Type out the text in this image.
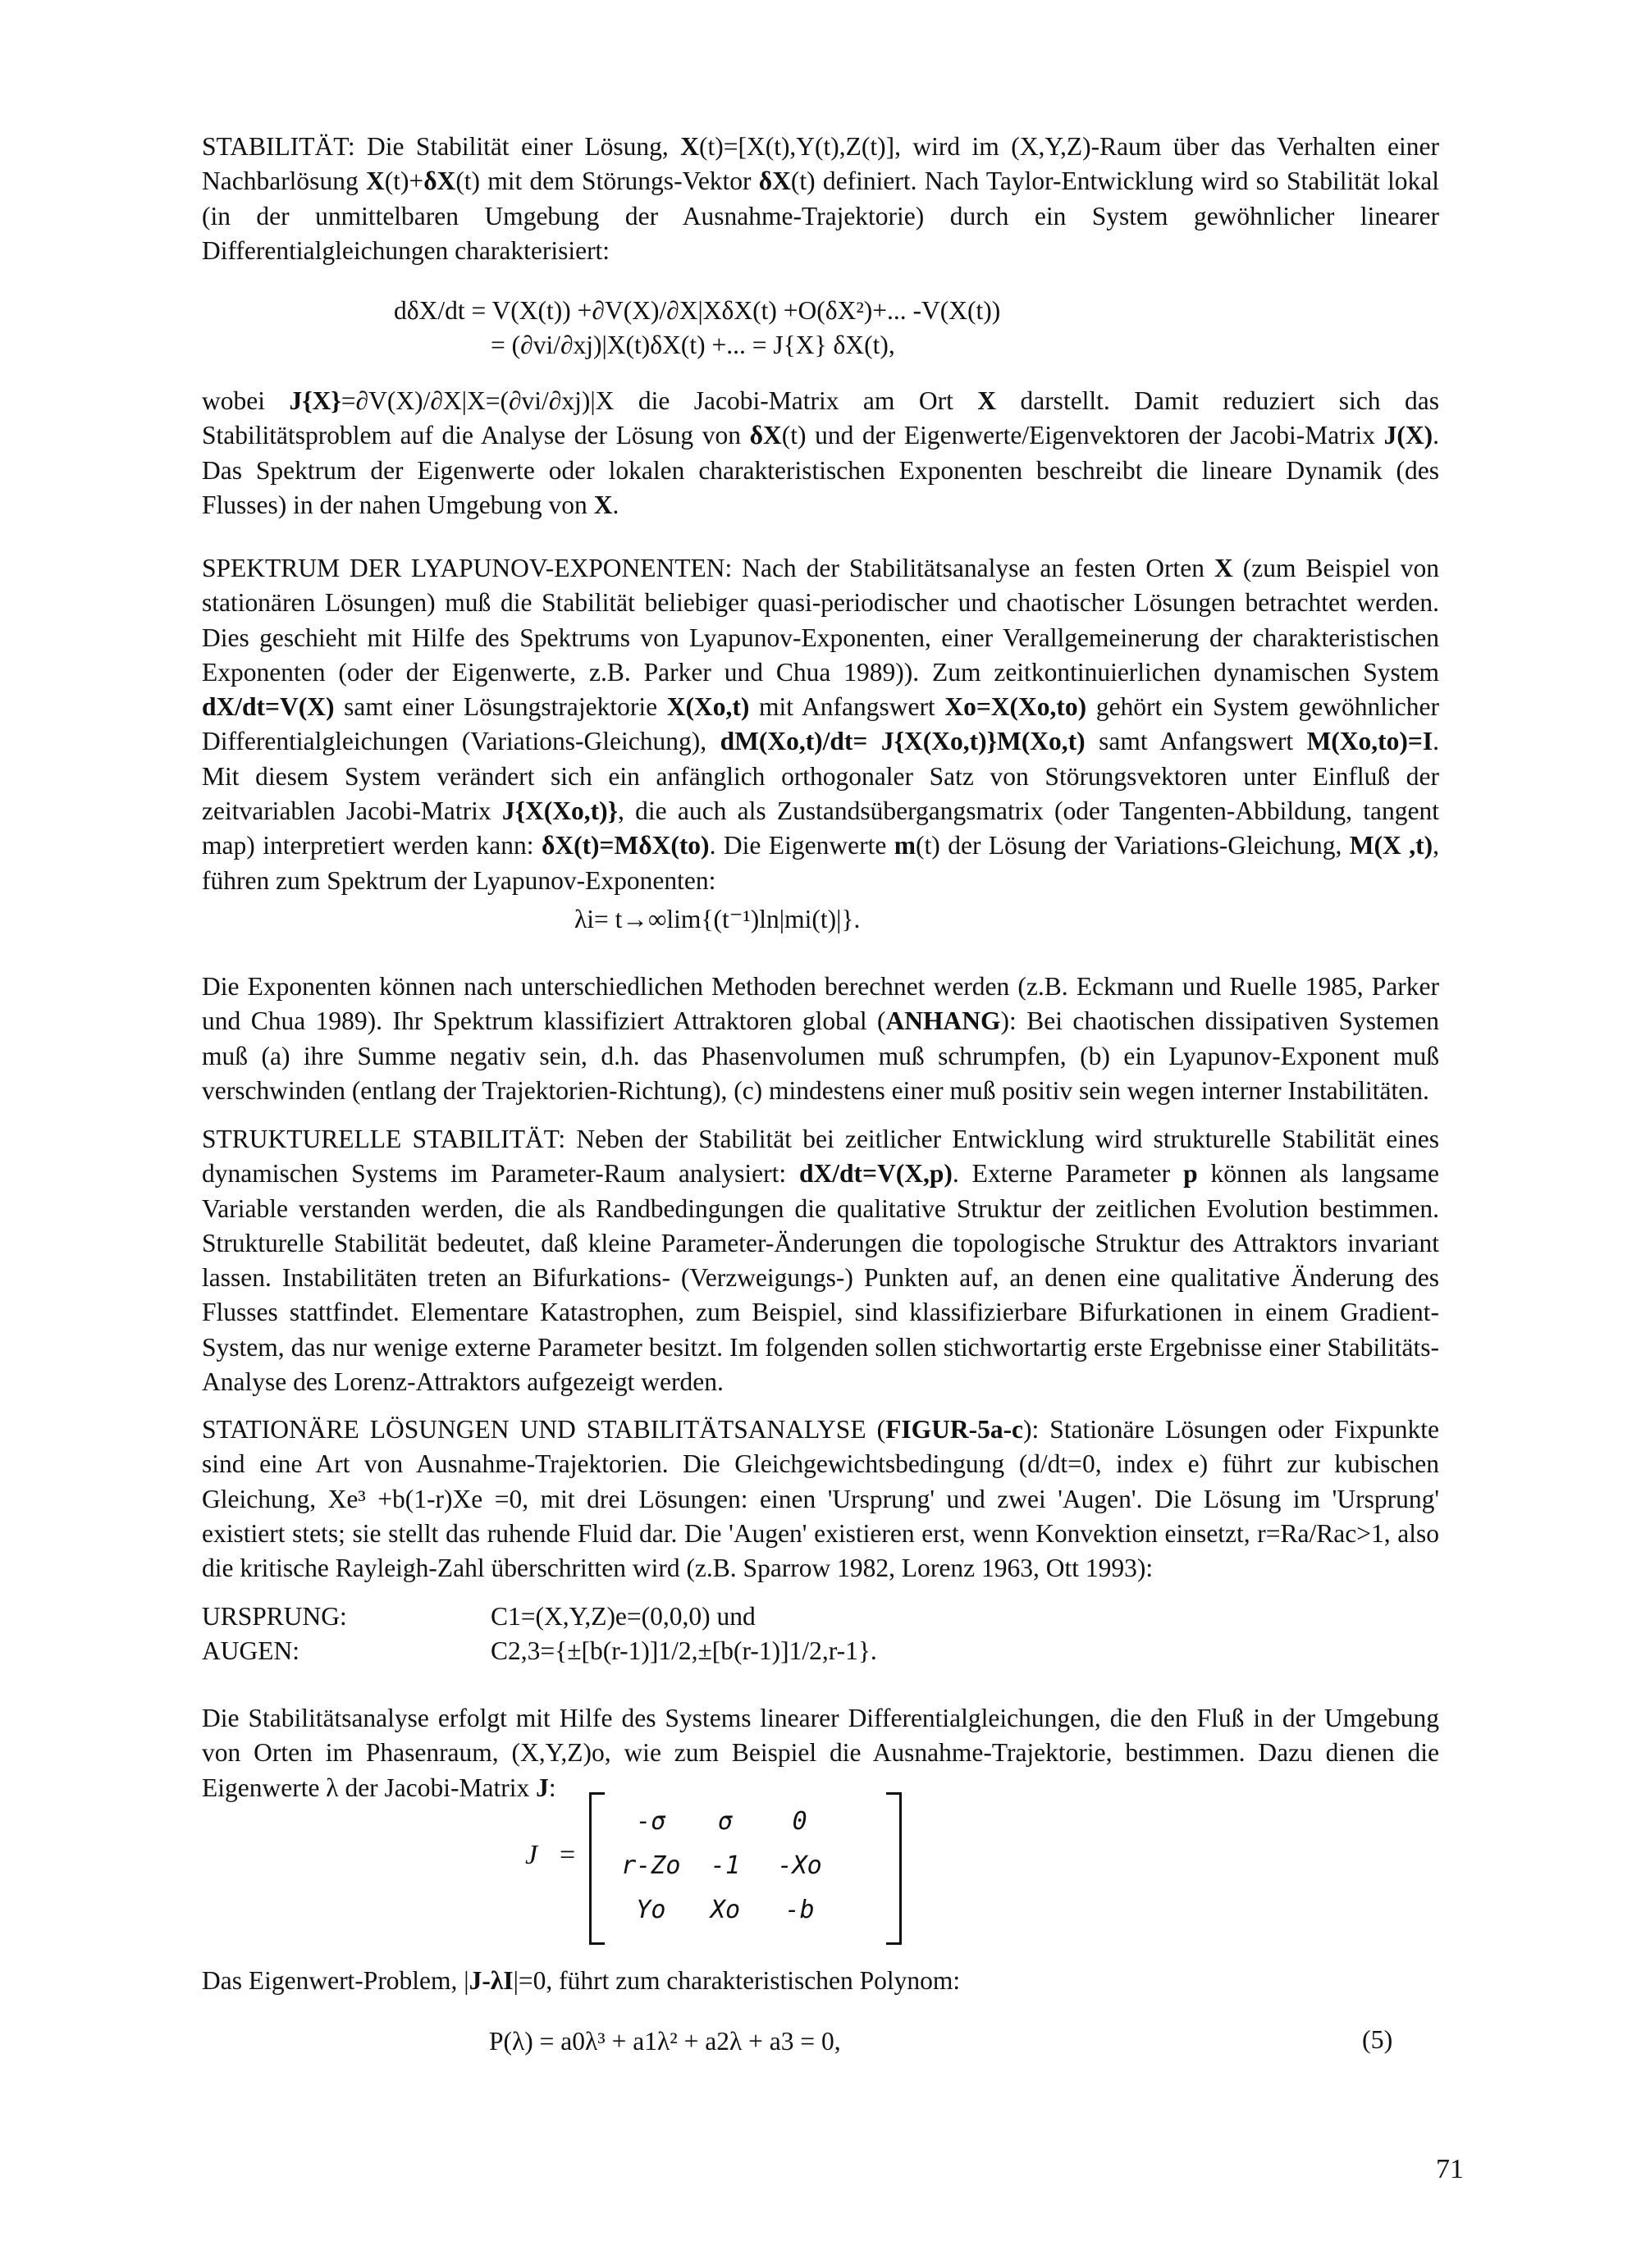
STABILITÄT: Die Stabilität einer Lösung, X(t)=[X(t),Y(t),Z(t)], wird im (X,Y,Z)-Raum über das Verhalten einer Nachbarlösung X(t)+δX(t) mit dem Störungs-Vektor δX(t) definiert. Nach Taylor-Entwicklung wird so Stabilität lokal (in der unmittelbaren Umgebung der Ausnahme-Trajektorie) durch ein System gewöhnlicher linearer Differentialgleichungen charakterisiert:

dδX/dt = V(X(t)) +∂V(X)/∂X|XδX(t) +O(δX²)+... -V(X(t))
= (∂vi/∂xj)|X(t)δX(t) +... = J{X} δX(t),

wobei J{X}=∂V(X)/∂X|X=(∂vi/∂xj)|X die Jacobi-Matrix am Ort X darstellt. Damit reduziert sich das Stabilitätsproblem auf die Analyse der Lösung von δX(t) und der Eigenwerte/Eigenvektoren der Jacobi-Matrix J(X). Das Spektrum der Eigenwerte oder lokalen charakteristischen Exponenten beschreibt die lineare Dynamik (des Flusses) in der nahen Umgebung von X.

SPEKTRUM DER LYAPUNOV-EXPONENTEN: Nach der Stabilitätsanalyse an festen Orten X (zum Beispiel von stationären Lösungen) muß die Stabilität beliebiger quasi-periodischer und chaotischer Lösungen betrachtet werden. Dies geschieht mit Hilfe des Spektrums von Lyapunov-Exponenten, einer Verallgemeinerung der charakteristischen Exponenten (oder der Eigenwerte, z.B. Parker und Chua 1989)). Zum zeitkontinuierlichen dynamischen System dX/dt=V(X) samt einer Lösungstrajektorie X(Xo,t) mit Anfangswert Xo=X(Xo,to) gehört ein System gewöhnlicher Differentialgleichungen (Variations-Gleichung), dM(Xo,t)/dt= J{X(Xo,t)}M(Xo,t) samt Anfangswert M(Xo,to)=I. Mit diesem System verändert sich ein anfänglich orthogonaler Satz von Störungsvektoren unter Einfluß der zeitvariablen Jacobi-Matrix J{X(Xo,t)}, die auch als Zustandsübergangsmatrix (oder Tangenten-Abbildung, tangent map) interpretiert werden kann: δX(t)=MδX(to). Die Eigenwerte m(t) der Lösung der Variations-Gleichung, M(X ,t), führen zum Spektrum der Lyapunov-Exponenten:

λi= t→∞lim{(t⁻¹)ln|mi(t)|}.

Die Exponenten können nach unterschiedlichen Methoden berechnet werden (z.B. Eckmann und Ruelle 1985, Parker und Chua 1989). Ihr Spektrum klassifiziert Attraktoren global (ANHANG): Bei chaotischen dissipativen Systemen muß (a) ihre Summe negativ sein, d.h. das Phasenvolumen muß schrumpfen, (b) ein Lyapunov-Exponent muß verschwinden (entlang der Trajektorien-Richtung), (c) mindestens einer muß positiv sein wegen interner Instabilitäten.

STRUKTURELLE STABILITÄT: Neben der Stabilität bei zeitlicher Entwicklung wird strukturelle Stabilität eines dynamischen Systems im Parameter-Raum analysiert: dX/dt=V(X,p). Externe Parameter p können als langsame Variable verstanden werden, die als Randbedingungen die qualitative Struktur der zeitlichen Evolution bestimmen. Strukturelle Stabilität bedeutet, daß kleine Parameter-Änderungen die topologische Struktur des Attraktors invariant lassen. Instabilitäten treten an Bifurkations- (Verzweigungs-) Punkten auf, an denen eine qualitative Änderung des Flusses stattfindet. Elementare Katastrophen, zum Beispiel, sind klassifizierbare Bifurkationen in einem Gradient-System, das nur wenige externe Parameter besitzt. Im folgenden sollen stichwortartig erste Ergebnisse einer Stabilitäts-Analyse des Lorenz-Attraktors aufgezeigt werden.

STATIONÄRE LÖSUNGEN UND STABILITÄTSANALYSE (FIGUR-5a-c): Stationäre Lösungen oder Fixpunkte sind eine Art von Ausnahme-Trajektorien. Die Gleichgewichtsbedingung (d/dt=0, index e) führt zur kubischen Gleichung, Xe³ +b(1-r)Xe =0, mit drei Lösungen: einen 'Ursprung' und zwei 'Augen'. Die Lösung im 'Ursprung' existiert stets; sie stellt das ruhende Fluid dar. Die 'Augen' existieren erst, wenn Konvektion einsetzt, r=Ra/Rac>1, also die kritische Rayleigh-Zahl überschritten wird (z.B. Sparrow 1982, Lorenz 1963, Ott 1993):

URSPRUNG:	C1=(X,Y,Z)e=(0,0,0) und
AUGEN:	C2,3={±[b(r-1)]1/2,±[b(r-1)]1/2,r-1}.

Die Stabilitätsanalyse erfolgt mit Hilfe des Systems linearer Differentialgleichungen, die den Fluß in der Umgebung von Orten im Phasenraum, (X,Y,Z)o, wie zum Beispiel die Ausnahme-Trajektorie, bestimmen. Dazu dienen die Eigenwerte λ der Jacobi-Matrix J:

J =
-σ	σ	0
r-Zo	-1	-Xo
Yo	Xo	-b

Das Eigenwert-Problem, |J-λI|=0, führt zum charakteristischen Polynom:

P(λ) = a0λ³ + a1λ² + a2λ + a3 = 0,	(5)
71
